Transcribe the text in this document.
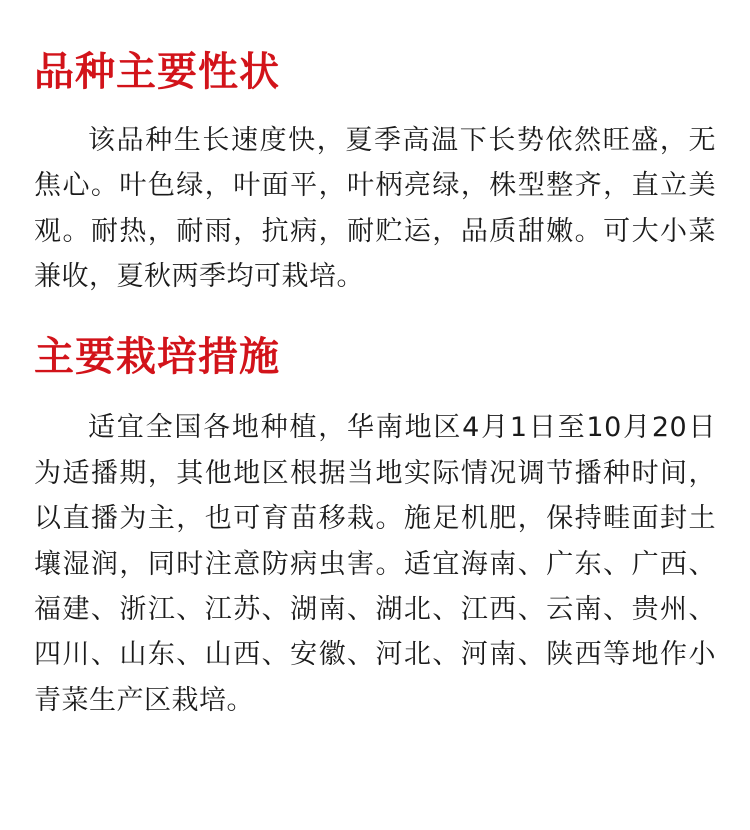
品种主要性状

该品种生长速度快，夏季高温下长势依然旺盛，无焦心。叶色绿，叶面平，叶柄亮绿，株型整齐，直立美观。耐热，耐雨，抗病，耐贮运，品质甜嫩。可大小菜兼收，夏秋两季均可栽培。

主要栽培措施

适宜全国各地种植，华南地区4月1日至10月20日为适播期，其他地区根据当地实际情况调节播种时间，以直播为主，也可育苗移栽。施足机肥，保持畦面封土壤湿润，同时注意防病虫害。适宜海南、广东、广西、福建、浙江、江苏、湖南、湖北、江西、云南、贵州、四川、山东、山西、安徽、河北、河南、陕西等地作小青菜生产区栽培。
